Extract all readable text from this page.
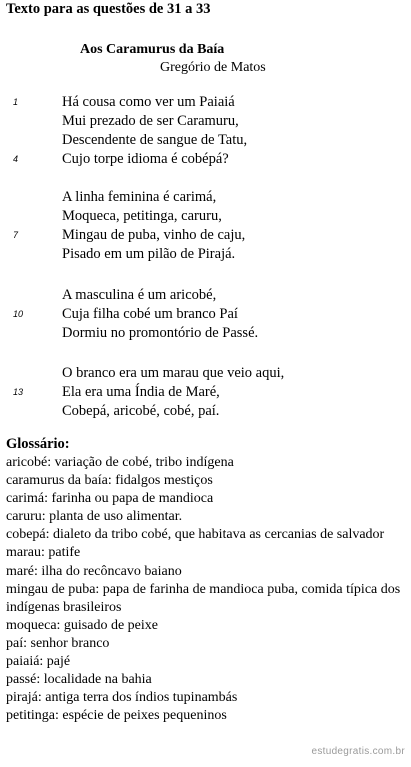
Texto para as questões de 31 a 33
Aos Caramurus da Baía
Gregório de Matos
1	Há cousa como ver um Paiaiá
Mui prezado de ser Caramuru,
Descendente de sangue de Tatu,
4	Cujo torpe idioma é cobépá?
A linha feminina é carimá,
Moqueca, petitinga, caruru,
7	Mingau de puba, vinho de caju,
Pisado em um pilão de Pirajá.
A masculina é um aricobé,
10	Cuja filha cobé um branco Paí
Dormiu no promontório de Passé.
O branco era um marau que veio aqui,
13	Ela era uma Índia de Maré,
Cobepá, aricobé, cobé, paí.
Glossário:
aricobé: variação de cobé, tribo indígena
caramurus da baía: fidalgos mestiços
carimá: farinha ou papa de mandioca
caruru: planta de uso alimentar.
cobepá: dialeto da tribo cobé, que habitava as cercanias de salvador
marau: patife
maré: ilha do recôncavo baiano
mingau de puba: papa de farinha de mandioca puba, comida típica dos indígenas brasileiros
moqueca: guisado de peixe
paí: senhor branco
paiaiá: pajé
passé: localidade na bahia
pirajá: antiga terra dos índios tupinambás
petitinga: espécie de peixes pequeninos
estudegratis.com.br
